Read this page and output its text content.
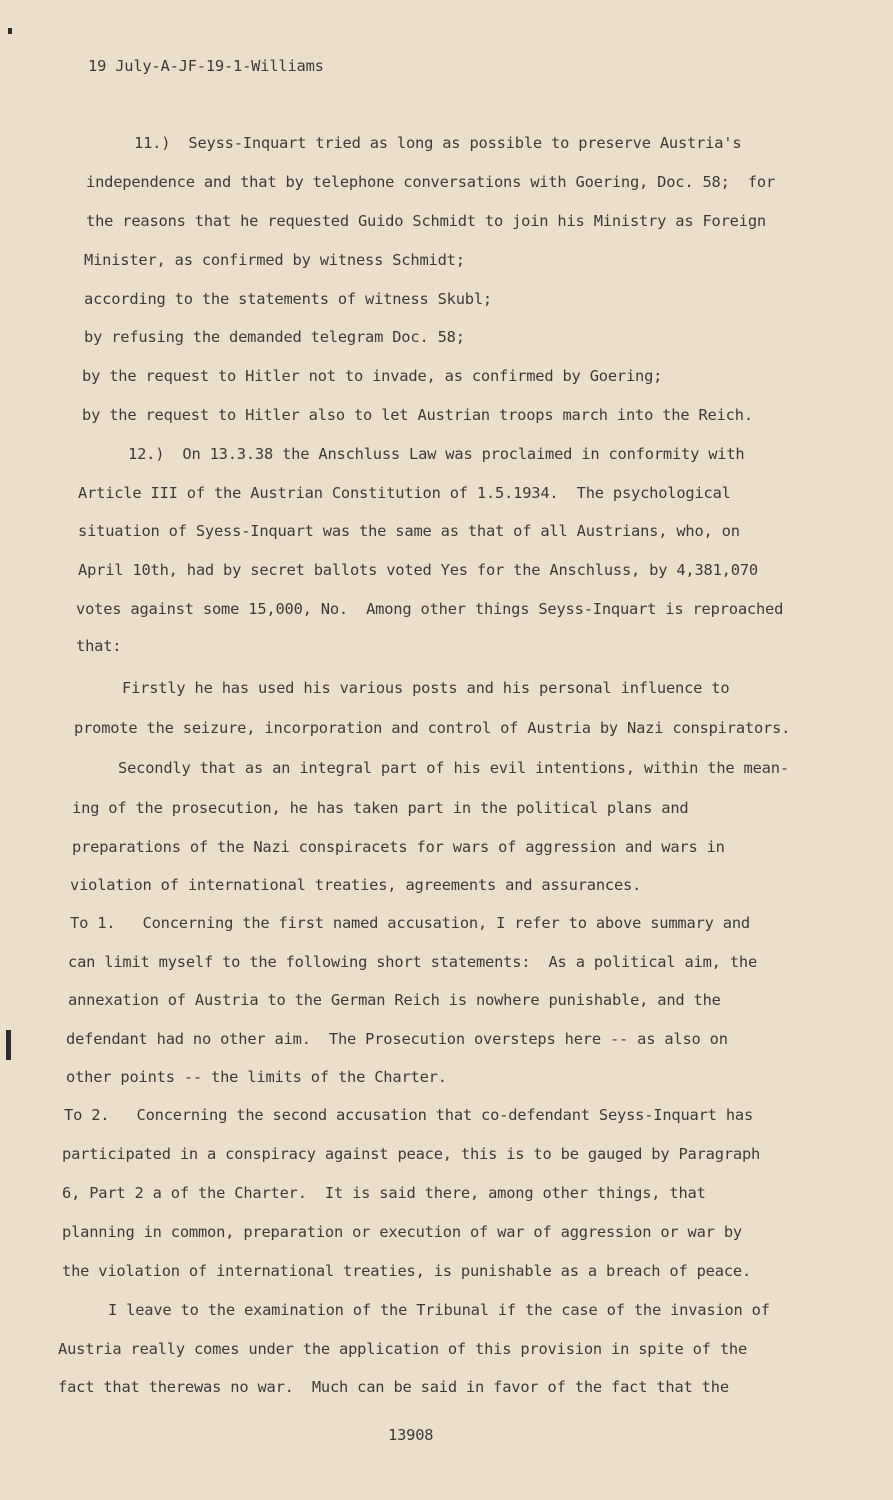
19 July-A-JF-19-1-Williams
11.)  Seyss-Inquart tried as long as possible to preserve Austria's
independence and that by telephone conversations with Goering, Doc. 58;  for
the reasons that he requested Guido Schmidt to join his Ministry as Foreign
Minister, as confirmed by witness Schmidt;
according to the statements of witness Skubl;
by refusing the demanded telegram Doc. 58;
by the request to Hitler not to invade, as confirmed by Goering;
by the request to Hitler also to let Austrian troops march into the Reich.
12.)  On 13.3.38 the Anschluss Law was proclaimed in conformity with
Article III of the Austrian Constitution of 1.5.1934.  The psychological
situation of Syess-Inquart was the same as that of all Austrians, who, on
April 10th, had by secret ballots voted Yes for the Anschluss, by 4,381,070
votes against some 15,000, No.  Among other things Seyss-Inquart is reproached
that:
Firstly he has used his various posts and his personal influence to
promote the seizure, incorporation and control of Austria by Nazi conspirators.
Secondly that as an integral part of his evil intentions, within the mean-
ing of the prosecution, he has taken part in the political plans and
preparations of the Nazi conspiracets for wars of aggression and wars in
violation of international treaties, agreements and assurances.
To 1.   Concerning the first named accusation, I refer to above summary and
can limit myself to the following short statements:  As a political aim, the
annexation of Austria to the German Reich is nowhere punishable, and the
defendant had no other aim.  The Prosecution oversteps here -- as also on
other points -- the limits of the Charter.
To 2.   Concerning the second accusation that co-defendant Seyss-Inquart has
participated in a conspiracy against peace, this is to be gauged by Paragraph
6, Part 2 a of the Charter.  It is said there, among other things, that
planning in common, preparation or execution of war of aggression or war by
the violation of international treaties, is punishable as a breach of peace.
I leave to the examination of the Tribunal if the case of the invasion of
Austria really comes under the application of this provision in spite of the
fact that therewas no war.  Much can be said in favor of the fact that the
13908
